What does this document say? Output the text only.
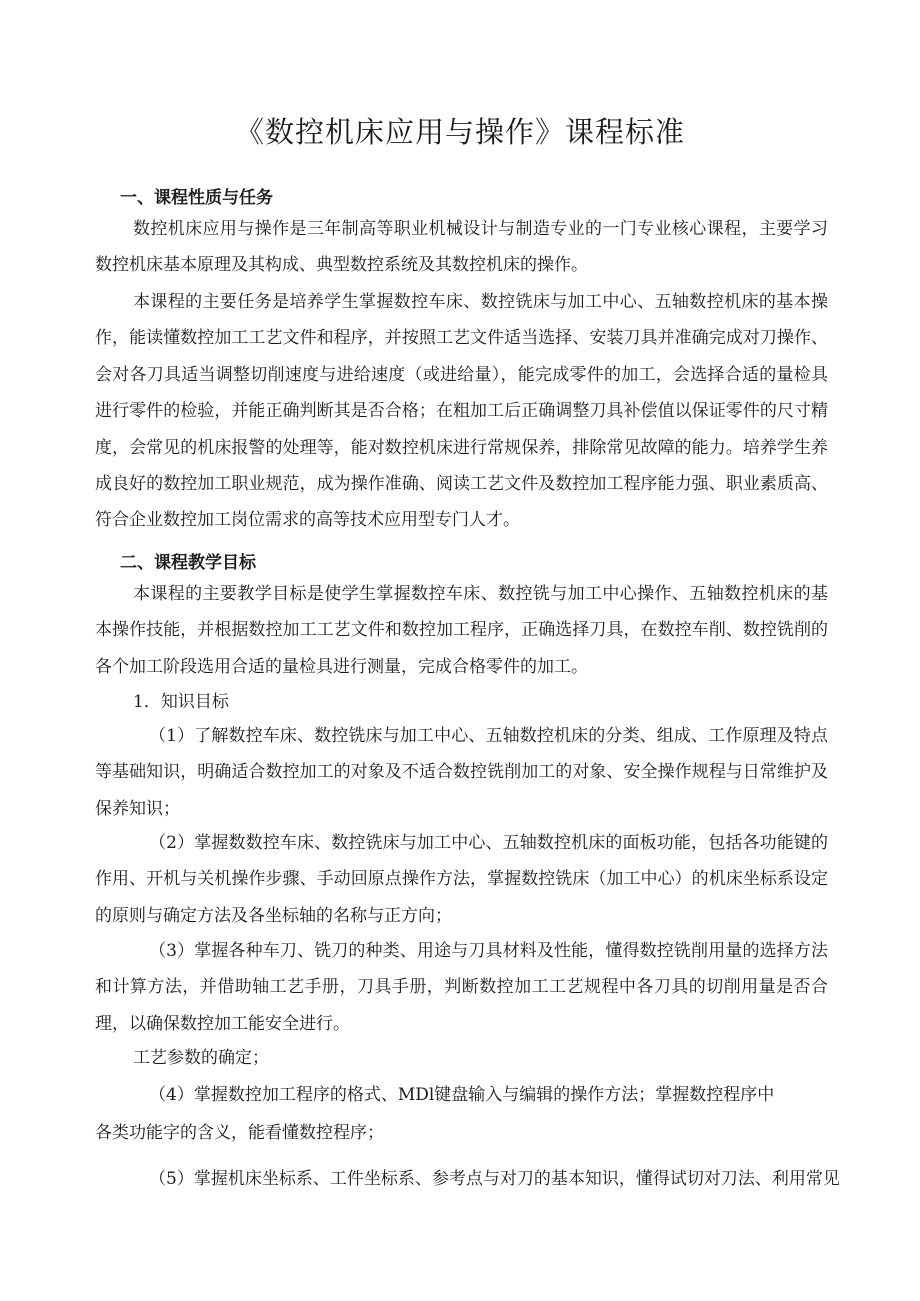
《数控机床应用与操作》课程标准
一、课程性质与任务

数控机床应用与操作是三年制高等职业机械设计与制造专业的一门专业核心课程，主要学习数控机床基本原理及其构成、典型数控系统及其数控机床的操作。

本课程的主要任务是培养学生掌握数控车床、数控铣床与加工中心、五轴数控机床的基本操作，能读懂数控加工工艺文件和程序，并按照工艺文件适当选择、安装刀具并准确完成对刀操作、会对各刀具适当调整切削速度与进给速度（或进给量），能完成零件的加工，会选择合适的量检具进行零件的检验，并能正确判断其是否合格；在粗加工后正确调整刀具补偿值以保证零件的尺寸精度，会常见的机床报警的处理等，能对数控机床进行常规保养，排除常见故障的能力。培养学生养成良好的数控加工职业规范，成为操作准确、阅读工艺文件及数控加工程序能力强、职业素质高、符合企业数控加工岗位需求的高等技术应用型专门人才。

二、课程教学目标

本课程的主要教学目标是使学生掌握数控车床、数控铣与加工中心操作、五轴数控机床的基本操作技能，并根据数控加工工艺文件和数控加工程序，正确选择刀具，在数控车削、数控铣削的各个加工阶段选用合适的量检具进行测量，完成合格零件的加工。

1．知识目标

（1）了解数控车床、数控铣床与加工中心、五轴数控机床的分类、组成、工作原理及特点等基础知识，明确适合数控加工的对象及不适合数控铣削加工的对象、安全操作规程与日常维护及保养知识；

（2）掌握数数控车床、数控铣床与加工中心、五轴数控机床的面板功能，包括各功能键的作用、开机与关机操作步骤、手动回原点操作方法，掌握数控铣床（加工中心）的机床坐标系设定的原则与确定方法及各坐标轴的名称与正方向；

（3）掌握各种车刀、铣刀的种类、用途与刀具材料及性能，懂得数控铣削用量的选择方法和计算方法，并借助轴工艺手册，刀具手册，判断数控加工工艺规程中各刀具的切削用量是否合理，以确保数控加工能安全进行。

工艺参数的确定；
（4）掌握数控加工程序的格式、MDl键盘输入与编辑的操作方法；掌握数控程序中
各类功能字的含义，能看懂数控程序；
（5）掌握机床坐标系、工件坐标系、参考点与对刀的基本知识，懂得试切对刀法、利用常见
